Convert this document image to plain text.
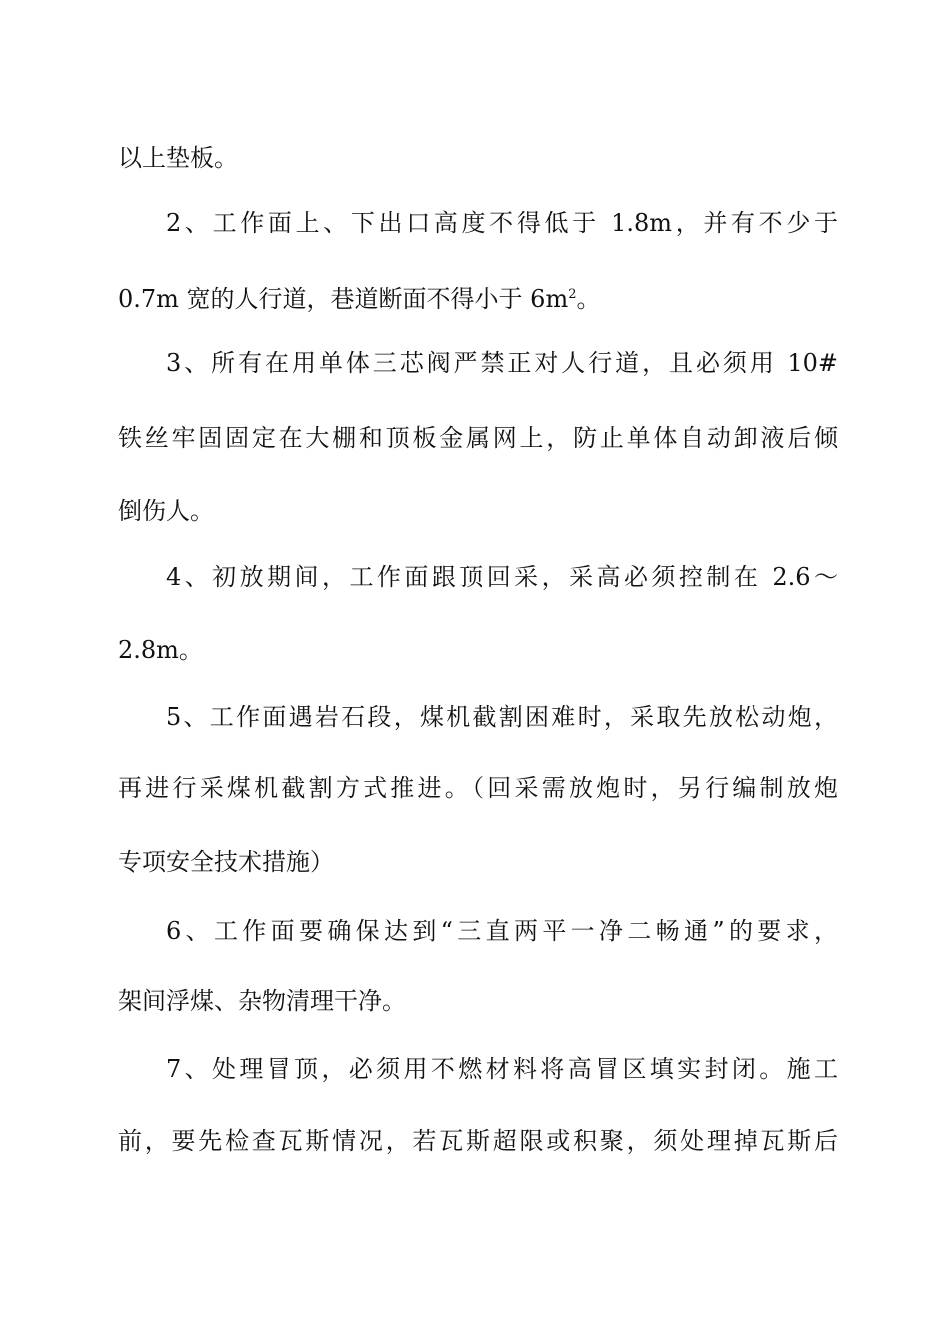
以上垫板。
2、工作面上、下出口高度不得低于 1.8m，并有不少于
0.7m 宽的人行道，巷道断面不得小于 $6m^2$。
3、所有在用单体三芯阀严禁正对人行道，且必须用 10#
铁丝牢固固定在大棚和顶板金属网上，防止单体自动卸液后倾
倒伤人。
4、初放期间，工作面跟顶回采，采高必须控制在 2.6～
2.8m。
5、工作面遇岩石段，煤机截割困难时，采取先放松动炮，
再进行采煤机截割方式推进。（回采需放炮时，另行编制放炮
专项安全技术措施）
6、工作面要确保达到“三直两平一净二畅通”的要求，
架间浮煤、杂物清理干净。
7、处理冒顶，必须用不燃材料将高冒区填实封闭。施工
前，要先检查瓦斯情况，若瓦斯超限或积聚，须处理掉瓦斯后
